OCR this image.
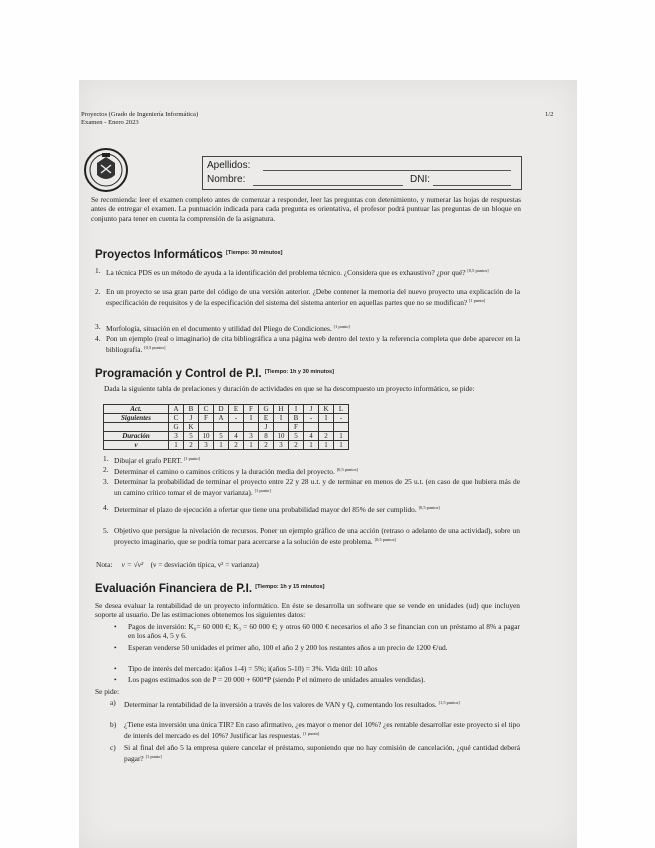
Proyectos (Grado de Ingeniería Informática)
Examen - Enero 2023
1/2
Apellidos:
Nombre:	DNI:

Se recomienda: leer el examen completo antes de comenzar a responder, leer las preguntas con detenimiento, y numerar las hojas de respuestas antes de entregar el examen. La puntuación indicada para cada pregunta es orientativa, el profesor podrá puntuar las preguntas de un bloque en conjunto para tener en cuenta la comprensión de la asignatura.

Proyectos Informáticos [Tiempo: 30 minutos]
1. La técnica PDS es un método de ayuda a la identificación del problema técnico. ¿Considera que es exhaustivo? ¿por qué? [0,5 puntos]
2. En un proyecto se usa gran parte del código de una versión anterior. ¿Debe contener la memoria del nuevo proyecto una explicación de la especificación de requisitos y de la especificación del sistema del sistema anterior en aquellas partes que no se modifican? [1 punto]
3. Morfología, situación en el documento y utilidad del Pliego de Condiciones. [1 punto]
4. Pon un ejemplo (real o imaginario) de cita bibliográfica a una página web dentro del texto y la referencia completa que debe aparecer en la bibliografía. [0,5 puntos]
Programación y Control de P.I. [Tiempo: 1h y 30 minutos]

Dada la siguiente tabla de prelaciones y duración de actividades en que se ha descompuesto un proyecto informático, se pide:

Act.	A	B	C	D	E	F	G	H	I	J	K	L
Siguientes	C	J	F	A	-	I	E	I	B	-	I	-
	G	K					J		F			
Duración	3	5	10	5	4	3	8	10	5	4	2	1
ν	1	2	3	1	2	1	2	3	2	1	1	1
1. Dibujar el grafo PERT. [1 punto]
2. Determinar el camino o caminos críticos y la duración media del proyecto. [0,5 puntos]
3. Determinar la probabilidad de terminar el proyecto entre 22 y 28 u.t. y de terminar en menos de 25 u.t. (en caso de que hubiera más de un camino crítico tomar el de mayor varianza). [1 punto]
4. Determinar el plazo de ejecución a ofertar que tiene una probabilidad mayor del 85% de ser cumplido. [0,5 puntos]
5. Objetivo que persigue la nivelación de recursos. Poner un ejemplo gráfico de una acción (retraso o adelanto de una actividad), sobre un proyecto imaginario, que se podría tomar para acercarse a la solución de este problema. [0,5 puntos]
Nota: ν = √ν² (ν = desviación típica, ν² = varianza)
Evaluación Financiera de P.I. [Tiempo: 1h y 15 minutos]

Se desea evaluar la rentabilidad de un proyecto informático. En éste se desarrolla un software que se vende en unidades (ud) que incluyen soporte al usuario. De las estimaciones obtenemos los siguientes datos:

• Pagos de inversión: K₀= 60 000 €; K₃ = 60 000 €; y otros 60 000 € necesarios el año 3 se financian con un préstamo al 8% a pagar en los años 4, 5 y 6.
• Esperan venderse 50 unidades el primer año, 100 el año 2 y 200 los restantes años a un precio de 1200 €/ud.
• Tipo de interés del mercado: i(años 1-4) = 5%; i(años 5-10) = 3%. Vida útil: 10 años
• Los pagos estimados son de P = 20 000 + 600*P (siendo P el número de unidades anuales vendidas).
Se pide:
a) Determinar la rentabilidad de la inversión a través de los valores de VAN y Q, comentando los resultados. [1,5 puntos]
b) ¿Tiene esta inversión una única TIR? En caso afirmativo, ¿es mayor o menor del 10%? ¿es rentable desarrollar este proyecto si el tipo de interés del mercado es del 10%? Justificar las respuestas. [1 punto]
c) Si al final del año 5 la empresa quiere cancelar el préstamo, suponiendo que no hay comisión de cancelación, ¿qué cantidad deberá pagar? [1 punto]
